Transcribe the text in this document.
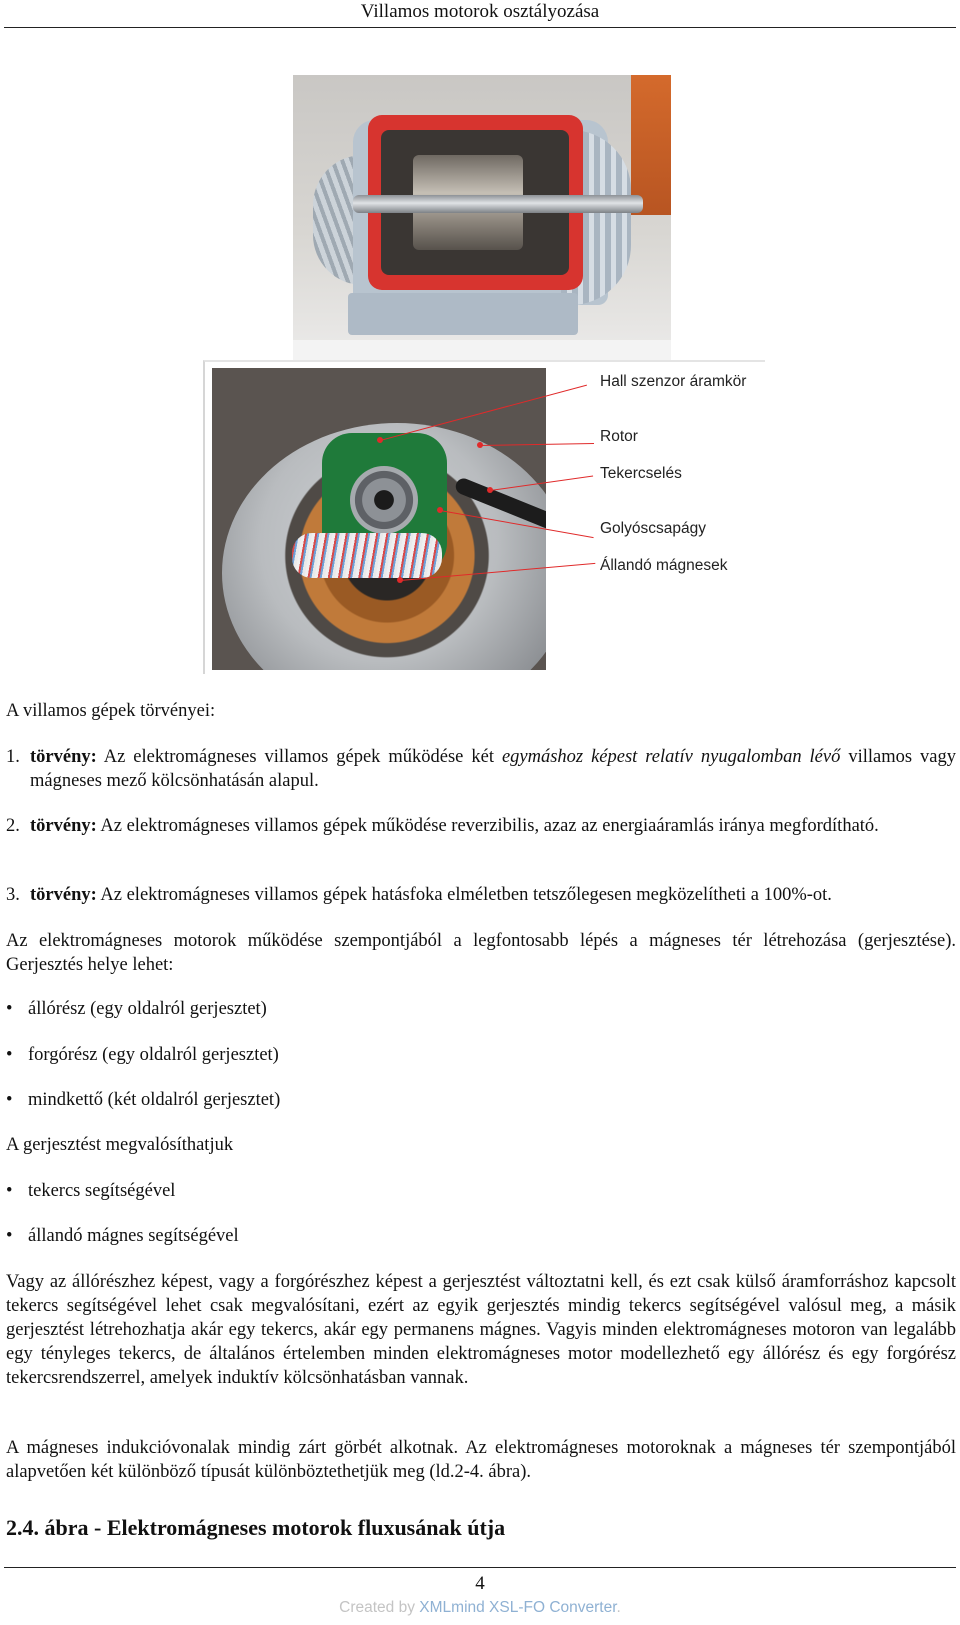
Villamos motorok osztályozása
Hall szenzor áramkör
Rotor
Tekercselés
Golyóscsapágy
Állandó mágnesek
A villamos gépek törvényei:
1. törvény: Az elektromágneses villamos gépek működése két egymáshoz képest relatív nyugalomban lévő villamos vagy mágneses mező kölcsönhatásán alapul.
2. törvény: Az elektromágneses villamos gépek működése reverzibilis, azaz az energiaáramlás iránya megfordítható.
3. törvény: Az elektromágneses villamos gépek hatásfoka elméletben tetszőlegesen megközelítheti a 100%-ot.
Az elektromágneses motorok működése szempontjából a legfontosabb lépés a mágneses tér létrehozása (gerjesztése). Gerjesztés helye lehet:
• állórész (egy oldalról gerjesztet)
• forgórész (egy oldalról gerjesztet)
• mindkettő (két oldalról gerjesztet)
A gerjesztést megvalósíthatjuk
• tekercs segítségével
• állandó mágnes segítségével
Vagy az állórészhez képest, vagy a forgórészhez képest a gerjesztést változtatni kell, és ezt csak külső áramforráshoz kapcsolt tekercs segítségével lehet csak megvalósítani, ezért az egyik gerjesztés mindig tekercs segítségével valósul meg, a másik gerjesztést létrehozhatja akár egy tekercs, akár egy permanens mágnes. Vagyis minden elektromágneses motoron van legalább egy tényleges tekercs, de általános értelemben minden elektromágneses motor modellezhető egy állórész és egy forgórész tekercsrendszerrel, amelyek induktív kölcsönhatásban vannak.
A mágneses indukcióvonalak mindig zárt görbét alkotnak. Az elektromágneses motoroknak a mágneses tér szempontjából alapvetően két különböző típusát különböztethetjük meg (ld.2-4. ábra).
2.4. ábra - Elektromágneses motorok fluxusának útja
4
Created by XMLmind XSL-FO Converter.
